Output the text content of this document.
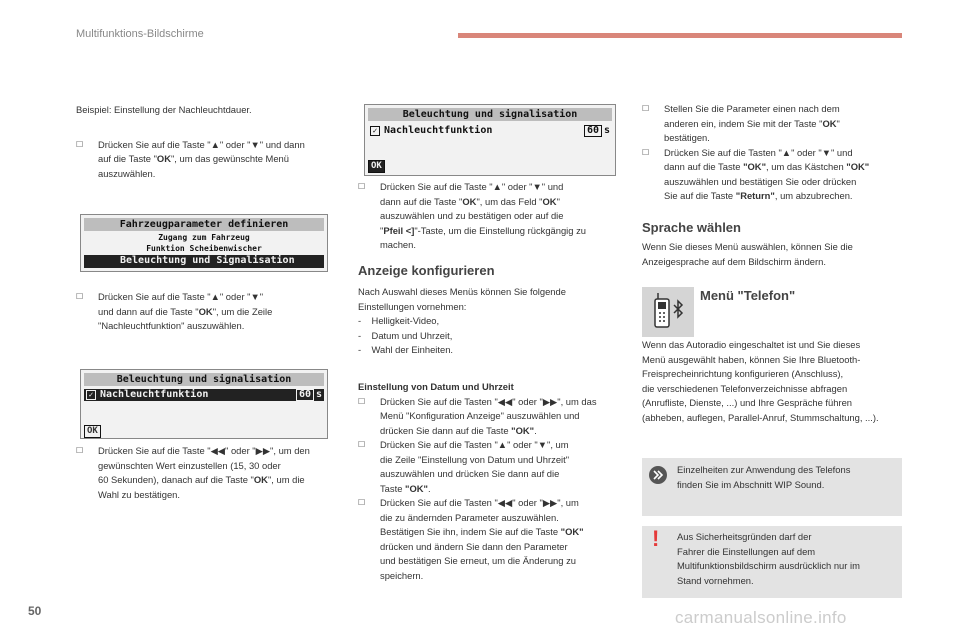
Multifunktions-Bildschirme
Beispiel: Einstellung der Nachleuchtdauer.
☐ Drücken Sie auf die Taste "▲" oder "▼" und dann
auf die Taste "OK", um das gewünschte Menü
auszuwählen.
Fahrzeugparameter definieren
Zugang zum Fahrzeug
Funktion Scheibenwischer
Beleuchtung und Signalisation
☐ Drücken Sie auf die Taste "▲" oder "▼"
und dann auf die Taste "OK", um die Zeile
"Nachleuchtfunktion" auszuwählen.
Beleuchtung und signalisation
✓ Nachleuchtfunktion	60 s
OK
☐ Drücken Sie auf die Taste "◀◀" oder "▶▶", um den
gewünschten Wert einzustellen (15, 30 oder
60 Sekunden), danach auf die Taste "OK", um die
Wahl zu bestätigen.
Beleuchtung und signalisation
✓ Nachleuchtfunktion	60 s
OK
☐ Drücken Sie auf die Taste "▲" oder "▼" und
dann auf die Taste "OK", um das Feld "OK"
auszuwählen und zu bestätigen oder auf die
"Pfeil <]"-Taste, um die Einstellung rückgängig zu
machen.
Anzeige konfigurieren
Nach Auswahl dieses Menüs können Sie folgende
Einstellungen vornehmen:
-    Helligkeit-Video,
-    Datum und Uhrzeit,
-    Wahl der Einheiten.
Einstellung von Datum und Uhrzeit
☐ Drücken Sie auf die Tasten "◀◀" oder "▶▶", um das
Menü "Konfiguration Anzeige" auszuwählen und
drücken Sie dann auf die Taste "OK".
☐ Drücken Sie auf die Tasten "▲" oder "▼", um
die Zeile "Einstellung von Datum und Uhrzeit"
auszuwählen und drücken Sie dann auf die
Taste "OK".
☐ Drücken Sie auf die Tasten "◀◀" oder "▶▶", um
die zu ändernden Parameter auszuwählen.
Bestätigen Sie ihn, indem Sie auf die Taste "OK"
drücken und ändern Sie dann den Parameter
und bestätigen Sie erneut, um die Änderung zu
speichern.
☐ Stellen Sie die Parameter einen nach dem
anderen ein, indem Sie mit der Taste "OK"
bestätigen.
☐ Drücken Sie auf die Tasten "▲" oder "▼" und
dann auf die Taste "OK", um das Kästchen "OK"
auszuwählen und bestätigen Sie oder drücken
Sie auf die Taste "Return", um abzubrechen.
Sprache wählen
Wenn Sie dieses Menü auswählen, können Sie die
Anzeigesprache auf dem Bildschirm ändern.
Menü "Telefon"
Wenn das Autoradio eingeschaltet ist und Sie dieses
Menü ausgewählt haben, können Sie Ihre Bluetooth-
Freisprecheinrichtung konfigurieren (Anschluss),
die verschiedenen Telefonverzeichnisse abfragen
(Anrufliste, Dienste, ...) und Ihre Gespräche führen
(abheben, auflegen, Parallel-Anruf, Stummschaltung, ...).
Einzelheiten zur Anwendung des Telefons
finden Sie im Abschnitt WIP Sound.
! Aus Sicherheitsgründen darf der
Fahrer die Einstellungen auf dem
Multifunktionsbildschirm ausdrücklich nur im
Stand vornehmen.
50	carmanualsonline.info
